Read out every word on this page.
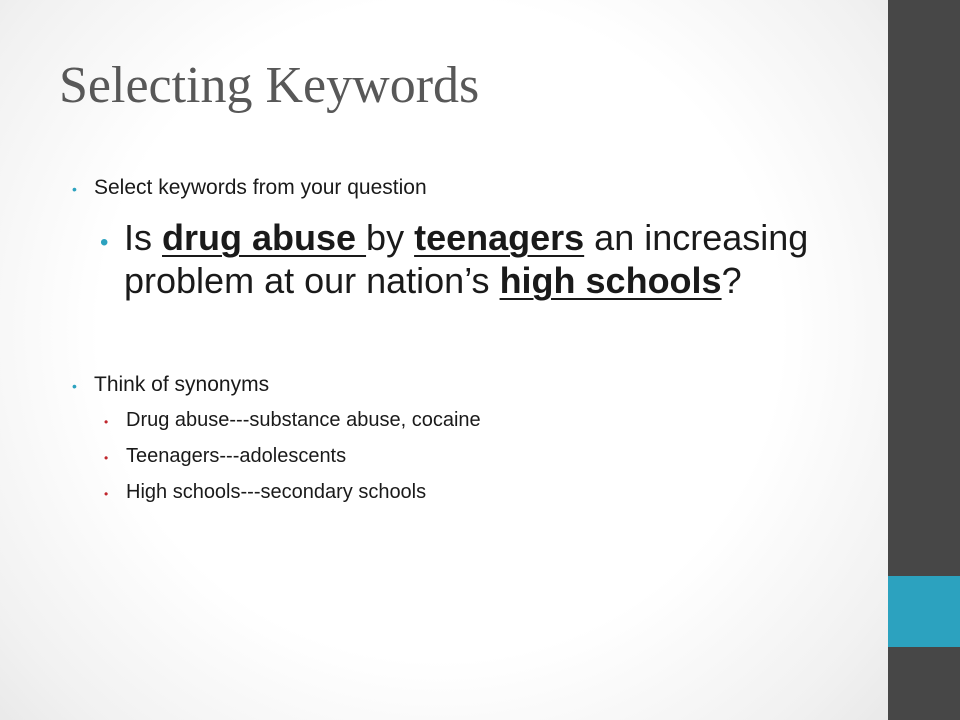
Selecting Keywords
• Select keywords from your question
• Is drug abuse by teenagers an increasing problem at our nation’s high schools?
• Think of synonyms
• Drug abuse---substance abuse, cocaine
• Teenagers---adolescents
• High schools---secondary schools
